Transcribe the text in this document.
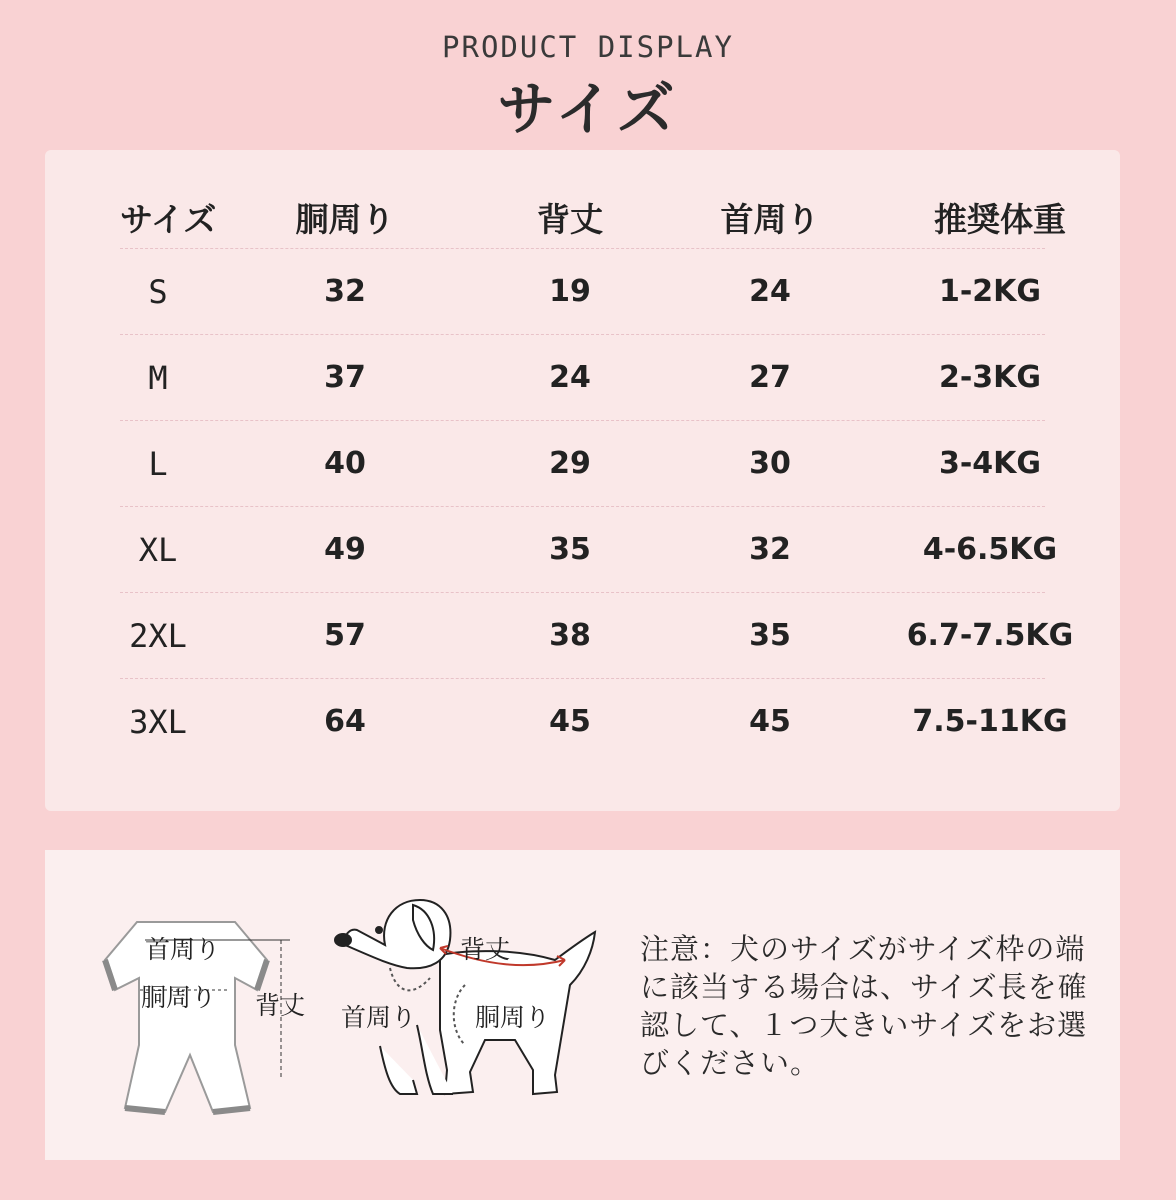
PRODUCT DISPLAY
サイズ
サイズ	胴周り	背丈	首周り	推奨体重
S	32	19	24	1-2KG
M	37	24	27	2-3KG
L	40	29	30	3-4KG
XL	49	35	32	4-6.5KG
2XL	57	38	35	6.7-7.5KG
3XL	64	45	45	7.5-11KG
首周り
胴周り 背丈
背丈
首周り 胴周り
注意：犬のサイズがサイズ枠の端に該当する場合は、サイズ長を確認して、１つ大きいサイズをお選びください。
